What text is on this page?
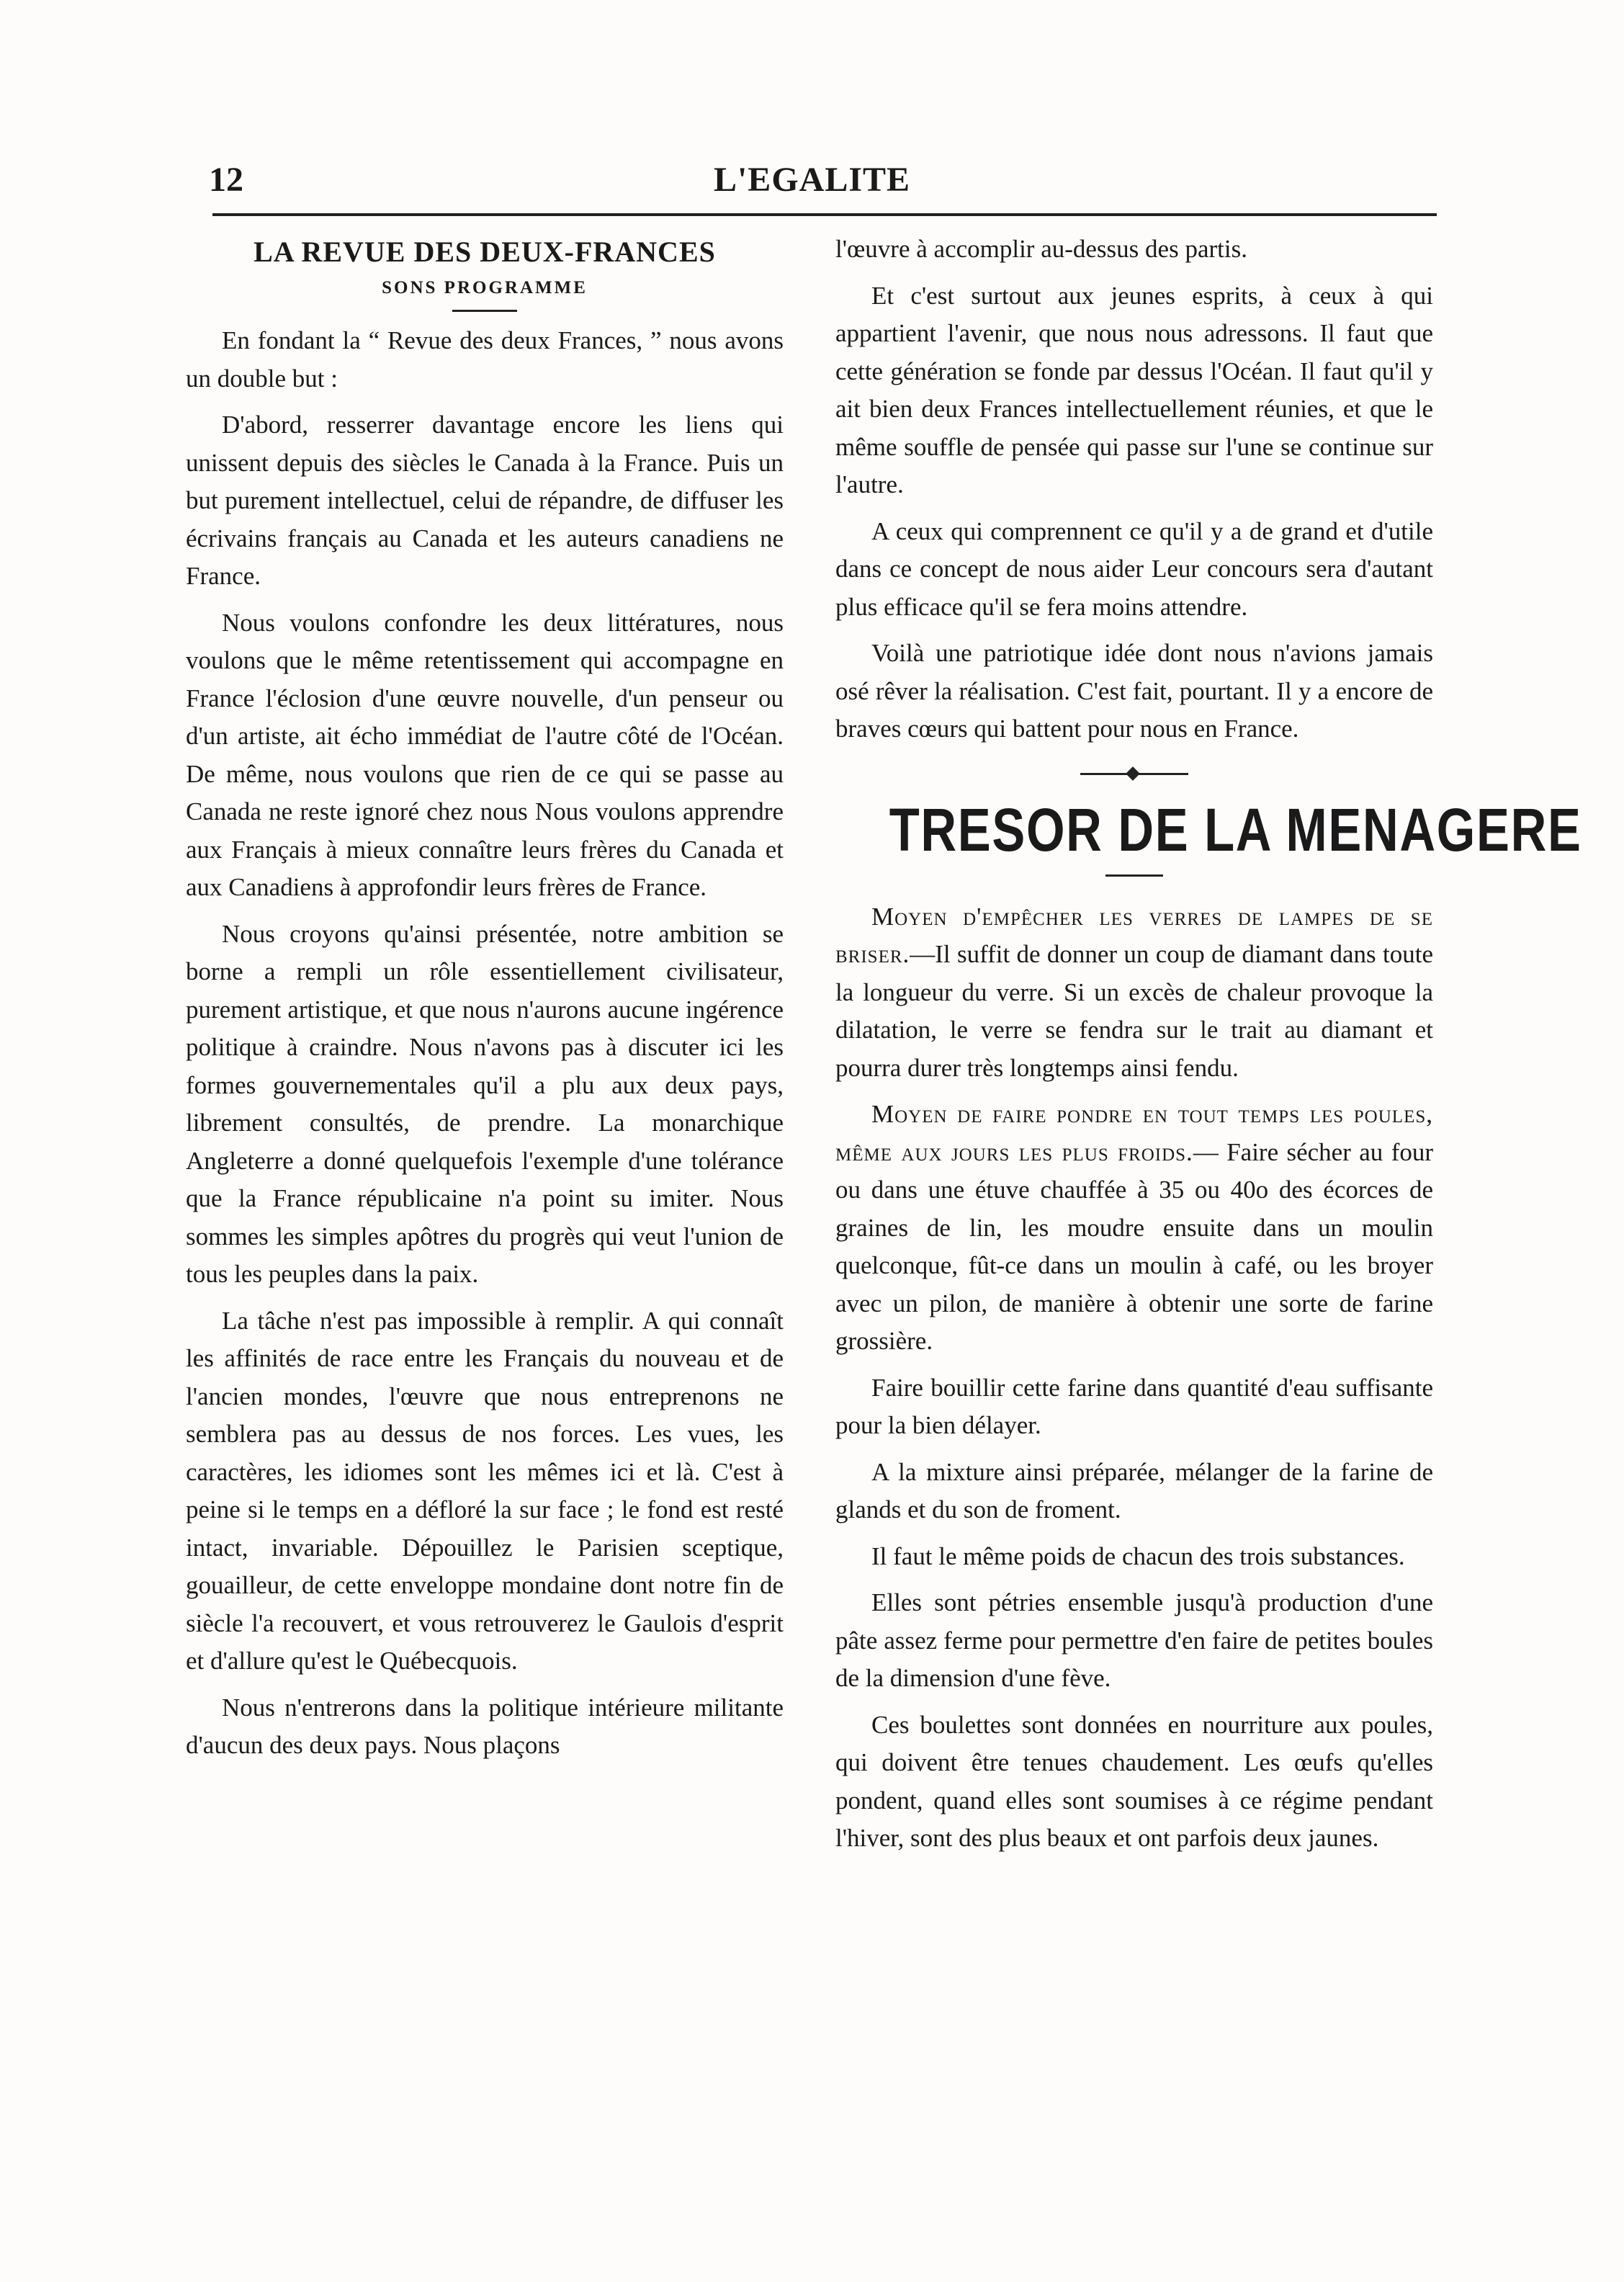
12	L'EGALITE
LA REVUE DES DEUX-FRANCES
SONS PROGRAMME

En fondant la “ Revue des deux Frances, ” nous avons un double but :

D'abord, resserrer davantage encore les liens qui unissent depuis des siècles le Canada à la France. Puis un but purement intellectuel, celui de répandre, de diffuser les écrivains français au Canada et les auteurs canadiens ne France.

Nous voulons confondre les deux littératures, nous voulons que le même retentissement qui accompagne en France l'éclosion d'une œuvre nouvelle, d'un penseur ou d'un artiste, ait écho immédiat de l'autre côté de l'Océan. De même, nous voulons que rien de ce qui se passe au Canada ne reste ignoré chez nous Nous voulons apprendre aux Français à mieux connaître leurs frères du Canada et aux Canadiens à approfondir leurs frères de France.

Nous croyons qu'ainsi présentée, notre ambition se borne a rempli un rôle essentiellement civilisateur, purement artistique, et que nous n'aurons aucune ingérence politique à craindre. Nous n'avons pas à discuter ici les formes gouvernementales qu'il a plu aux deux pays, librement consultés, de prendre. La monarchique Angleterre a donné quelquefois l'exemple d'une tolérance que la France républicaine n'a point su imiter. Nous sommes les simples apôtres du progrès qui veut l'union de tous les peuples dans la paix.

La tâche n'est pas impossible à remplir. A qui connaît les affinités de race entre les Français du nouveau et de l'ancien mondes, l'œuvre que nous entreprenons ne semblera pas au dessus de nos forces. Les vues, les caractères, les idiomes sont les mêmes ici et là. C'est à peine si le temps en a défloré la sur face ; le fond est resté intact, invariable. Dépouillez le Parisien sceptique, gouailleur, de cette enveloppe mondaine dont notre fin de siècle l'a recouvert, et vous retrouverez le Gaulois d'esprit et d'allure qu'est le Québecquois.

Nous n'entrerons dans la politique intérieure militante d'aucun des deux pays. Nous plaçons

l'œuvre à accomplir au-dessus des partis.

Et c'est surtout aux jeunes esprits, à ceux à qui appartient l'avenir, que nous nous adressons. Il faut que cette génération se fonde par dessus l'Océan. Il faut qu'il y ait bien deux Frances intellectuellement réunies, et que le même souffle de pensée qui passe sur l'une se continue sur l'autre.

A ceux qui comprennent ce qu'il y a de grand et d'utile dans ce concept de nous aider Leur concours sera d'autant plus efficace qu'il se fera moins attendre.

Voilà une patriotique idée dont nous n'avions jamais osé rêver la réalisation. C'est fait, pourtant. Il y a encore de braves cœurs qui battent pour nous en France.

TRESOR DE LA MENAGERE

Moyen d'empêcher les verres de lampes de se briser.—Il suffit de donner un coup de diamant dans toute la longueur du verre. Si un excès de chaleur provoque la dilatation, le verre se fendra sur le trait au diamant et pourra durer très longtemps ainsi fendu.

Moyen de faire pondre en tout temps les poules, même aux jours les plus froids.— Faire sécher au four ou dans une étuve chauffée à 35 ou 40o des écorces de graines de lin, les moudre ensuite dans un moulin quelconque, fût-ce dans un moulin à café, ou les broyer avec un pilon, de manière à obtenir une sorte de farine grossière.

Faire bouillir cette farine dans quantité d'eau suffisante pour la bien délayer.

A la mixture ainsi préparée, mélanger de la farine de glands et du son de froment.

Il faut le même poids de chacun des trois substances.

Elles sont pétries ensemble jusqu'à production d'une pâte assez ferme pour permettre d'en faire de petites boules de la dimension d'une fève.

Ces boulettes sont données en nourriture aux poules, qui doivent être tenues chaudement. Les œufs qu'elles pondent, quand elles sont soumises à ce régime pendant l'hiver, sont des plus beaux et ont parfois deux jaunes.
